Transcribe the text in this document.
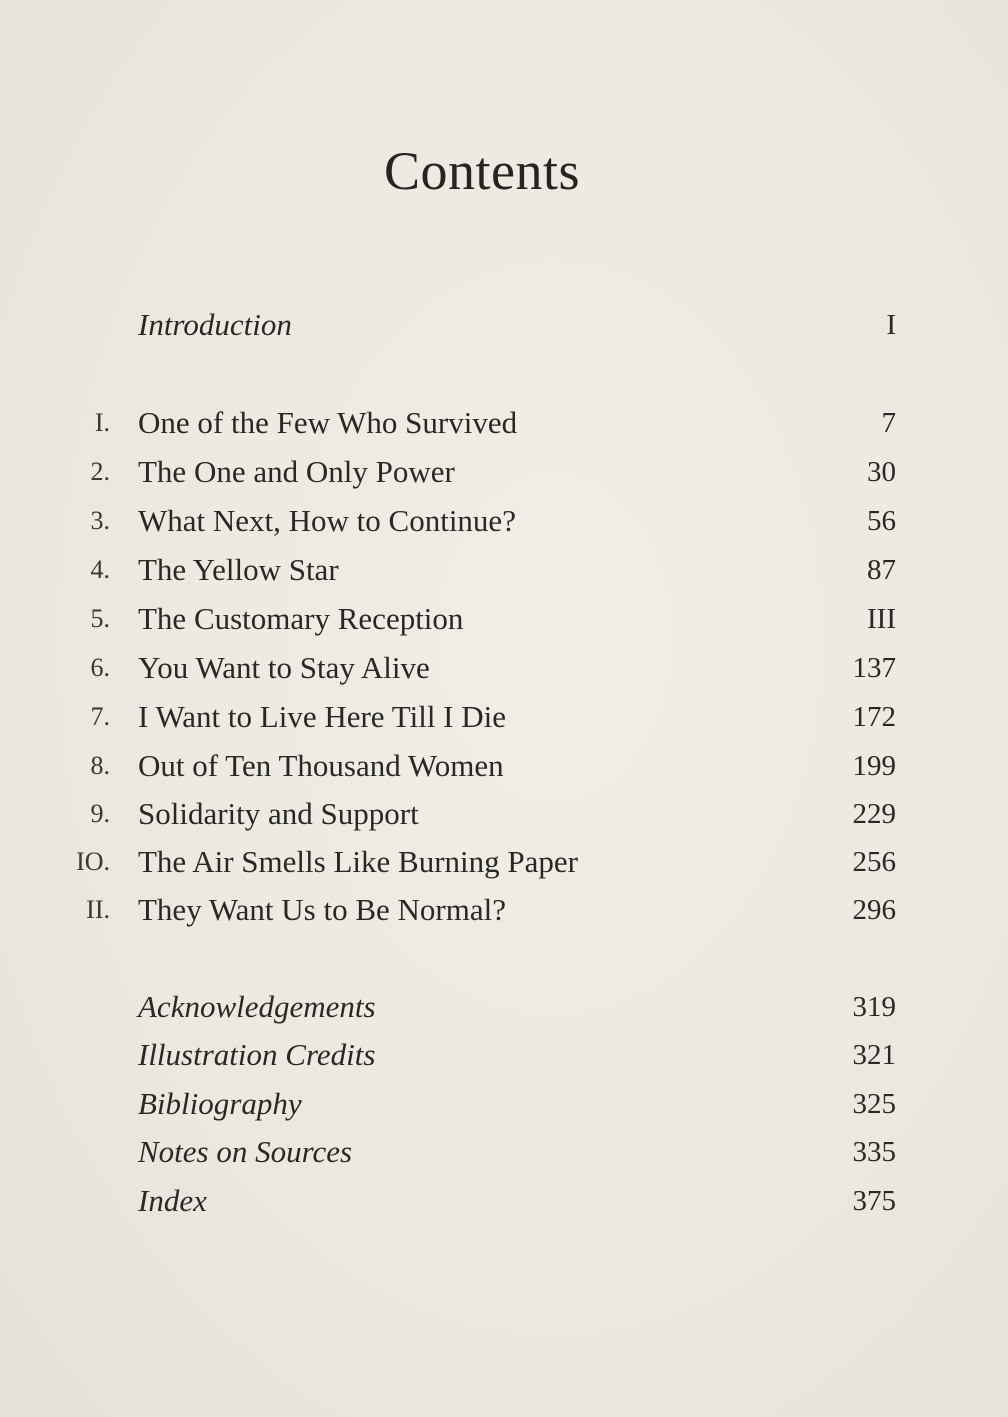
Contents
Introduction	I
I. One of the Few Who Survived	7
2. The One and Only Power	30
3. What Next, How to Continue?	56
4. The Yellow Star	87
5. The Customary Reception	III
6. You Want to Stay Alive	137
7. I Want to Live Here Till I Die	172
8. Out of Ten Thousand Women	199
9. Solidarity and Support	229
IO. The Air Smells Like Burning Paper	256
II. They Want Us to Be Normal?	296
Acknowledgements	319
Illustration Credits	321
Bibliography	325
Notes on Sources	335
Index	375
